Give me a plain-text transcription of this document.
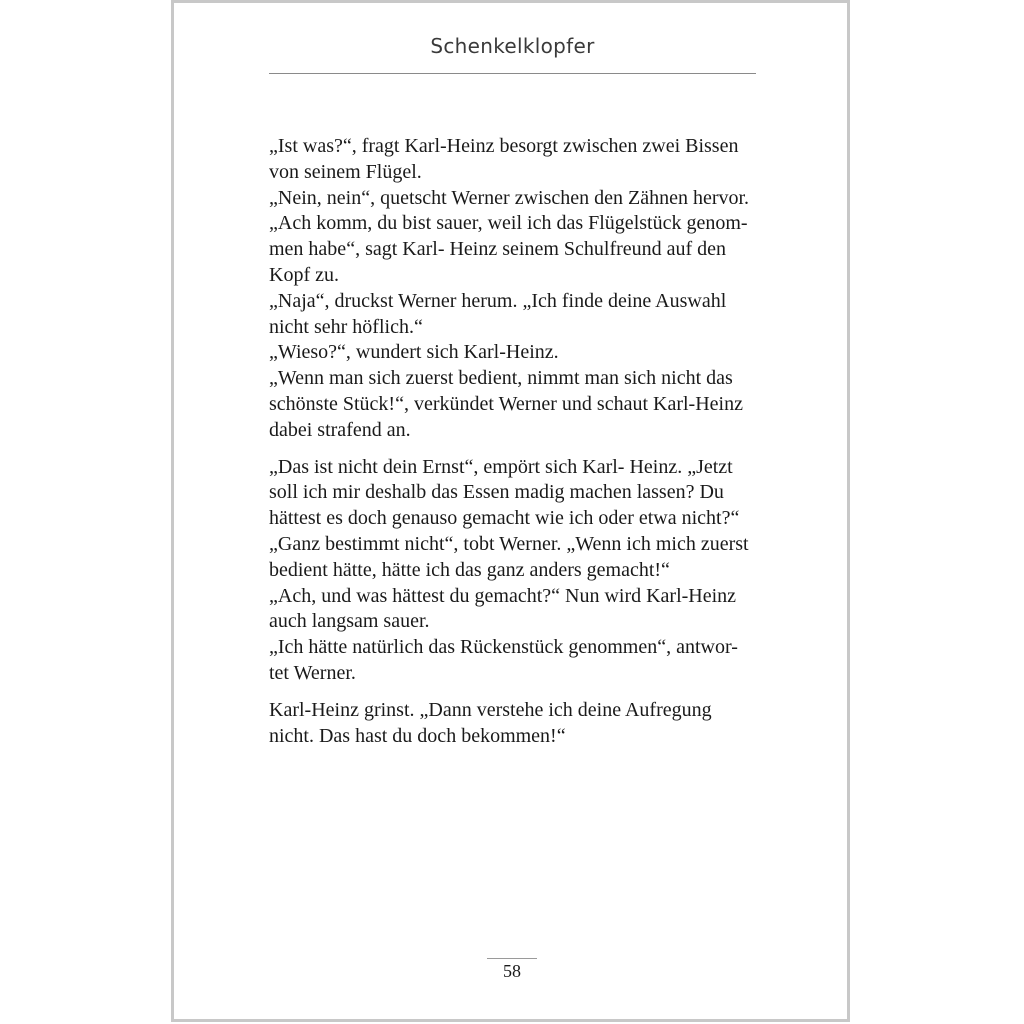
Schenkelklopfer
„Ist was?“, fragt Karl-Heinz besorgt zwischen zwei Bissen
von seinem Flügel.
„Nein, nein“, quetscht Werner zwischen den Zähnen hervor.
„Ach komm, du bist sauer, weil ich das Flügelstück genom-
men habe“, sagt Karl- Heinz seinem Schulfreund auf den
Kopf zu.
„Naja“, druckst Werner herum. „Ich finde deine Auswahl
nicht sehr höflich.“
„Wieso?“, wundert sich Karl-Heinz.
„Wenn man sich zuerst bedient, nimmt man sich nicht das
schönste Stück!“, verkündet Werner und schaut Karl-Heinz
dabei strafend an.
„Das ist nicht dein Ernst“, empört sich Karl- Heinz. „Jetzt
soll ich mir deshalb das Essen madig machen lassen? Du
hättest es doch genauso gemacht wie ich oder etwa nicht?“
„Ganz bestimmt nicht“, tobt Werner. „Wenn ich mich zuerst
bedient hätte, hätte ich das ganz anders gemacht!“
„Ach, und was hättest du gemacht?“ Nun wird Karl-Heinz
auch langsam sauer.
„Ich hätte natürlich das Rückenstück genommen“, antwor-
tet Werner.
Karl-Heinz grinst. „Dann verstehe ich deine Aufregung
nicht. Das hast du doch bekommen!“
58
